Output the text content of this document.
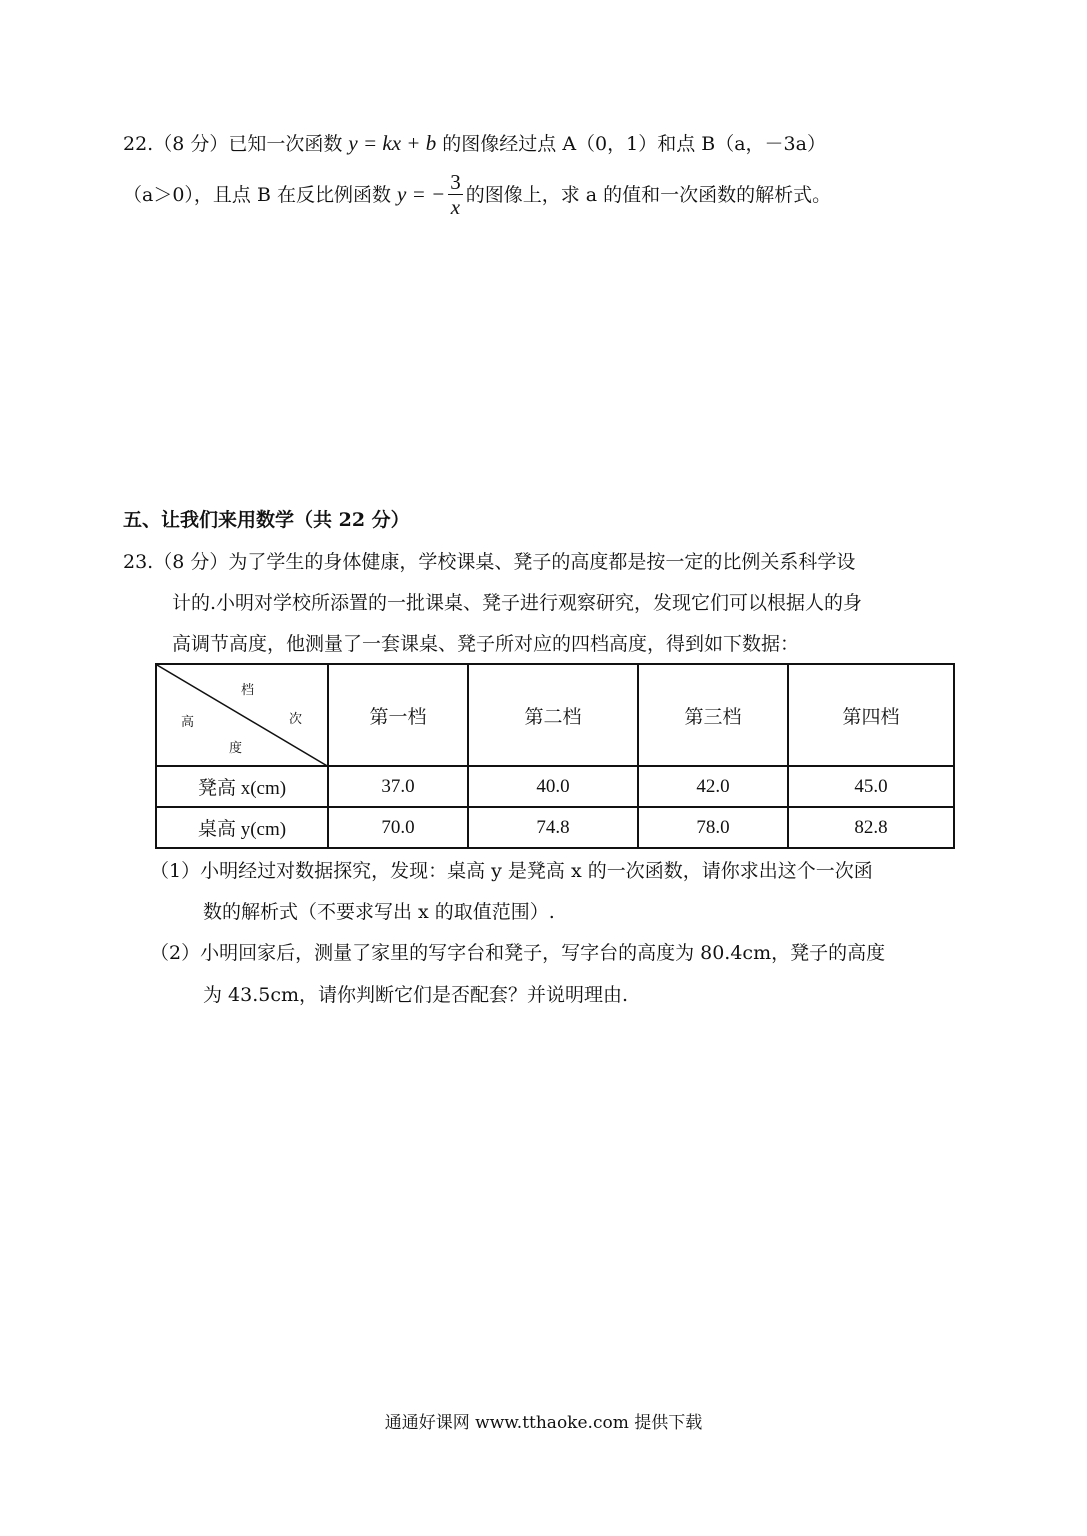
22.（8 分）已知一次函数 y = kx + b 的图像经过点 A（0，1）和点 B（a，－3a）
（a＞0），且点 B 在反比例函数 y = − $\frac{3}{x}$ 的图像上，求 a 的值和一次函数的解析式。
五、让我们来用数学（共 22 分）
23.（8 分）为了学生的身体健康，学校课桌、凳子的高度都是按一定的比例关系科学设
计的.小明对学校所添置的一批课桌、凳子进行观察研究，发现它们可以根据人的身
高调节高度，他测量了一套课桌、凳子所对应的四档高度，得到如下数据：
档
次
高
度	第一档	第二档	第三档	第四档
凳高 x(cm)	37.0	40.0	42.0	45.0
桌高 y(cm)	70.0	74.8	78.0	82.8
（1）小明经过对数据探究，发现：桌高 y 是凳高 x 的一次函数，请你求出这个一次函
数的解析式（不要求写出 x 的取值范围）.
（2）小明回家后，测量了家里的写字台和凳子，写字台的高度为 80.4cm，凳子的高度
为 43.5cm，请你判断它们是否配套？并说明理由.
通通好课网 www.tthaoke.com 提供下载
